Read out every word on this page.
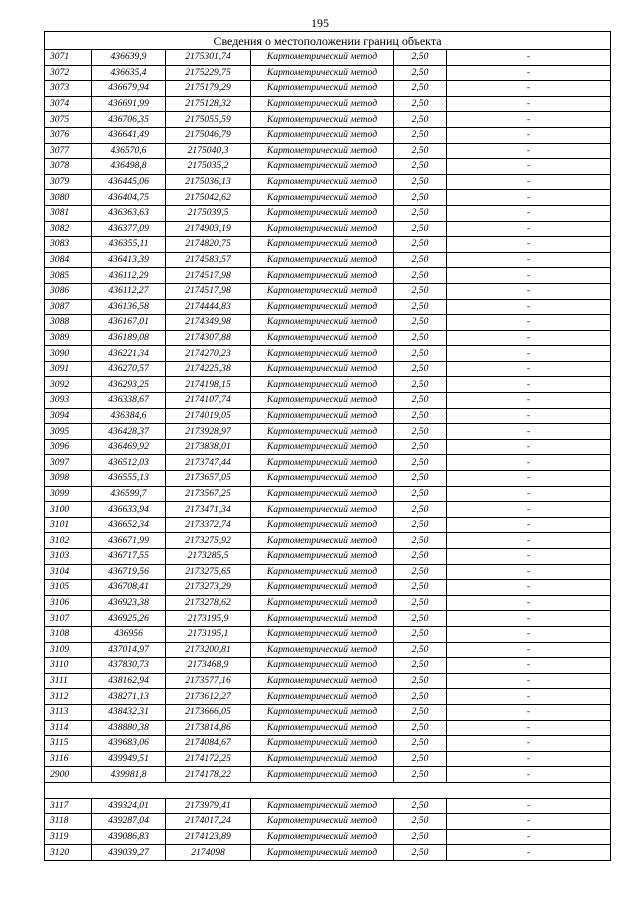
195
Сведения о местоположении границ объекта					
3071	436639,9	2175301,74	Картометрический метод	2,50	-
3072	436635,4	2175229,75	Картометрический метод	2,50	-
3073	436679,94	2175179,29	Картометрический метод	2,50	-
3074	436691,99	2175128,32	Картометрический метод	2,50	-
3075	436706,35	2175055,59	Картометрический метод	2,50	-
3076	436641,49	2175046,79	Картометрический метод	2,50	-
3077	436570,6	2175040,3	Картометрический метод	2,50	-
3078	436498,8	2175035,2	Картометрический метод	2,50	-
3079	436445,06	2175036,13	Картометрический метод	2,50	-
3080	436404,75	2175042,62	Картометрический метод	2,50	-
3081	436363,63	2175039,5	Картометрический метод	2,50	-
3082	436377,09	2174903,19	Картометрический метод	2,50	-
3083	436355,11	2174820,75	Картометрический метод	2,50	-
3084	436413,39	2174583,57	Картометрический метод	2,50	-
3085	436112,29	2174517,98	Картометрический метод	2,50	-
3086	436112,27	2174517,98	Картометрический метод	2,50	-
3087	436136,58	2174444,83	Картометрический метод	2,50	-
3088	436167,01	2174349,98	Картометрический метод	2,50	-
3089	436189,08	2174307,88	Картометрический метод	2,50	-
3090	436221,34	2174270,23	Картометрический метод	2,50	-
3091	436270,57	2174225,38	Картометрический метод	2,50	-
3092	436293,25	2174198,15	Картометрический метод	2,50	-
3093	436338,67	2174107,74	Картометрический метод	2,50	-
3094	436384,6	2174019,05	Картометрический метод	2,50	-
3095	436428,37	2173928,97	Картометрический метод	2,50	-
3096	436469,92	2173838,01	Картометрический метод	2,50	-
3097	436512,03	2173747,44	Картометрический метод	2,50	-
3098	436555,13	2173657,05	Картометрический метод	2,50	-
3099	436599,7	2173567,25	Картометрический метод	2,50	-
3100	436633,94	2173471,34	Картометрический метод	2,50	-
3101	436652,34	2173372,74	Картометрический метод	2,50	-
3102	436671,99	2173275,92	Картометрический метод	2,50	-
3103	436717,55	2173285,5	Картометрический метод	2,50	-
3104	436719,56	2173275,65	Картометрический метод	2,50	-
3105	436708,41	2173273,29	Картометрический метод	2,50	-
3106	436923,38	2173278,62	Картометрический метод	2,50	-
3107	436925,26	2173195,9	Картометрический метод	2,50	-
3108	436956	2173195,1	Картометрический метод	2,50	-
3109	437014,97	2173200,81	Картометрический метод	2,50	-
3110	437830,73	2173468,9	Картометрический метод	2,50	-
3111	438162,94	2173577,16	Картометрический метод	2,50	-
3112	438271,13	2173612,27	Картометрический метод	2,50	-
3113	438432,31	2173666,05	Картометрический метод	2,50	-
3114	438880,38	2173814,86	Картометрический метод	2,50	-
3115	439683,06	2174084,67	Картометрический метод	2,50	-
3116	439949,51	2174172,25	Картометрический метод	2,50	-
2900	439981,8	2174178,22	Картометрический метод	2,50	-

3117	439324,01	2173979,41	Картометрический метод	2,50	-
3118	439287,04	2174017,24	Картометрический метод	2,50	-
3119	439086,83	2174123,89	Картометрический метод	2,50	-
3120	439039,27	2174098	Картометрический метод	2,50	-
